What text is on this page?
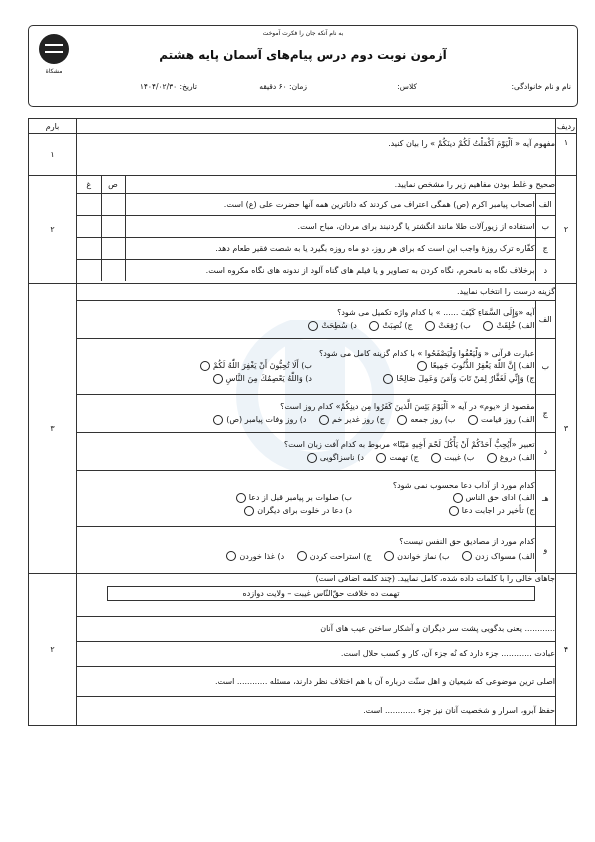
به نام آنکه جان را فکرت آموخت
آزمون نوبت دوم درس پیام‌های آسمان پایه هشتم
مشکاة
نام و نام خانوادگی:
کلاس:
زمان: ۶۰ دقیقه
تاریخ: ۱۴۰۴/۰۲/۳۰
ردیف		بارم
۱	مفهوم آیه « اَلْيَوْمَ اَكْمَلْتُ لَكُمْ دينَكُمْ » را بیان کنید.	۱
۲	
صحیح و غلط بودن مفاهیم زیر را مشخص نمایید.	ص	غ
الف	اصحاب پیامبر اکرم (ص) همگی اعتراف می کردند که داناترین همه آنها حضرت علی (ع) است.		
ب	استفاده از زیورآلات طلا مانند انگشتر یا گردنبند برای مردان، مباح است.		
ج	کفّاره ترک روزۀ واجب این است که برای هر روز، دو ماه روزه بگیرد یا به شصت فقیر طعام دهد.		
د	برخلاف نگاه به نامحرم، نگاه کردن به تصاویر و یا فیلم های گناه آلود از ندونه های نگاه مکروه است.		
	۲
۳	
گزینه درست را انتخاب نمایید.
الف	
آیه «وَإِلَى السَّمَاءِ كَيْفَ ...... » با کدام واژه تکمیل می شود؟
الف) خُلِقَتْ

ب) رُفِعَتْ

ج) نُصِبَتْ

د) سُطِحَتْ

ب	
عبارت قرآنی « وَلْيَعْفُوا وَلْيَصْفَحُوا » با کدام گزینه کامل می شود؟
الف) إِنَّ اللّٰهَ يَغْفِرُ الذُّنُوبَ جَمِيعًا

ب) أَلَا تُحِبُّونَ أَنْ يَغْفِرَ اللّٰهُ لَكُمْ
ج) وَإِنِّي لَغَفَّارٌ لِمَنْ تَابَ وَآمَنَ وَعَمِلَ صَالِحًا

د) وَاللّٰهُ يَعْصِمُكَ مِنَ النَّاسِ

ج	
مقصود از «یوم» در آیه « اَلْيَوْمَ يَئِسَ الَّذينَ كَفَرُوا مِن دينِكُمْ» کدام روز است؟
الف) روز قیامت

ب) روز جمعه

ج) روز غدیر خم

د) روز وفات پیامبر (ص)

د	
تعبیر «أَيُحِبُّ أَحَدُكُمْ أَنْ يَأْكُلَ لَحْمَ أَخِيهِ مَيْتًا» مربوط به کدام آفت زبان است؟
الف) دروغ

ب) غیبت

ج) تهمت

د) ناسزاگویی

هـ	
کدام مورد از آداب دعا محسوب نمی شود؟
الف) ادای حق الناس

ب) صلوات بر پیامبر قبل از دعا
ج) تأخیر در اجابت دعا

د) دعا در خلوت برای دیگران

و	
کدام مورد از مصادیق حق النفس نیست؟
الف) مسواک زدن

ب) نماز خواندن

ج) استراحت کردن

د) غذا خوردن
	۳
۴	
جاهای خالی را با کلمات داده شده، کامل نمایید. (چند کلمه اضافی است)
تهمت ده خلافت حقّ‌النّاس غیبت – ولایت دوازده

............ یعنی بدگویی پشت سر دیگران و آشکار ساختن عیب های آنان
عبادت ............ جزء دارد که نُه جزء آن، کار و کسب حلال است.
اصلی ترین موضوعی که شیعیان و اهل سنّت درباره آن با هم اختلاف نظر دارند، مسئله ............ است.
حفظ آبرو، اسرار و شخصیت آنان نیز جزء ............ است.
	۲
